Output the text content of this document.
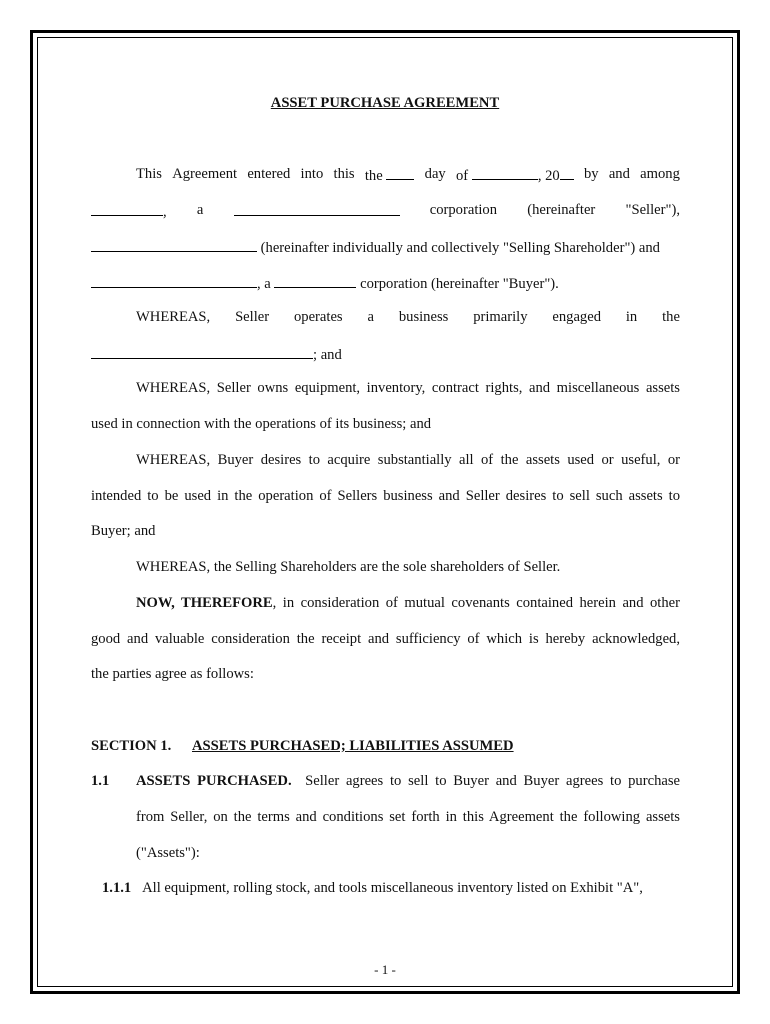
ASSET PURCHASE AGREEMENT
This Agreement entered into this the	day of	, 20	by and among
, a	corporation (hereinafter "Seller"),
(hereinafter individually and collectively "Selling Shareholder") and
, a	corporation (hereinafter "Buyer").
WHEREAS, Seller operates a business primarily engaged in the
; and
WHEREAS, Seller owns equipment, inventory, contract rights, and miscellaneous assets
used in connection with the operations of its business; and
WHEREAS, Buyer desires to acquire substantially all of the assets used or useful, or
intended to be used in the operation of Sellers business and Seller desires to sell such assets to
Buyer; and
WHEREAS, the Selling Shareholders are the sole shareholders of Seller.
NOW, THEREFORE, in consideration of mutual covenants contained herein and other
good and valuable consideration the receipt and sufficiency of which is hereby acknowledged,
the parties agree as follows:
SECTION 1. ASSETS PURCHASED; LIABILITIES ASSUMED
1.1 ASSETS PURCHASED. Seller agrees to sell to Buyer and Buyer agrees to purchase
from Seller, on the terms and conditions set forth in this Agreement the following assets
("Assets"):
1.1.1 All equipment, rolling stock, and tools miscellaneous inventory listed on Exhibit "A",
- 1 -
